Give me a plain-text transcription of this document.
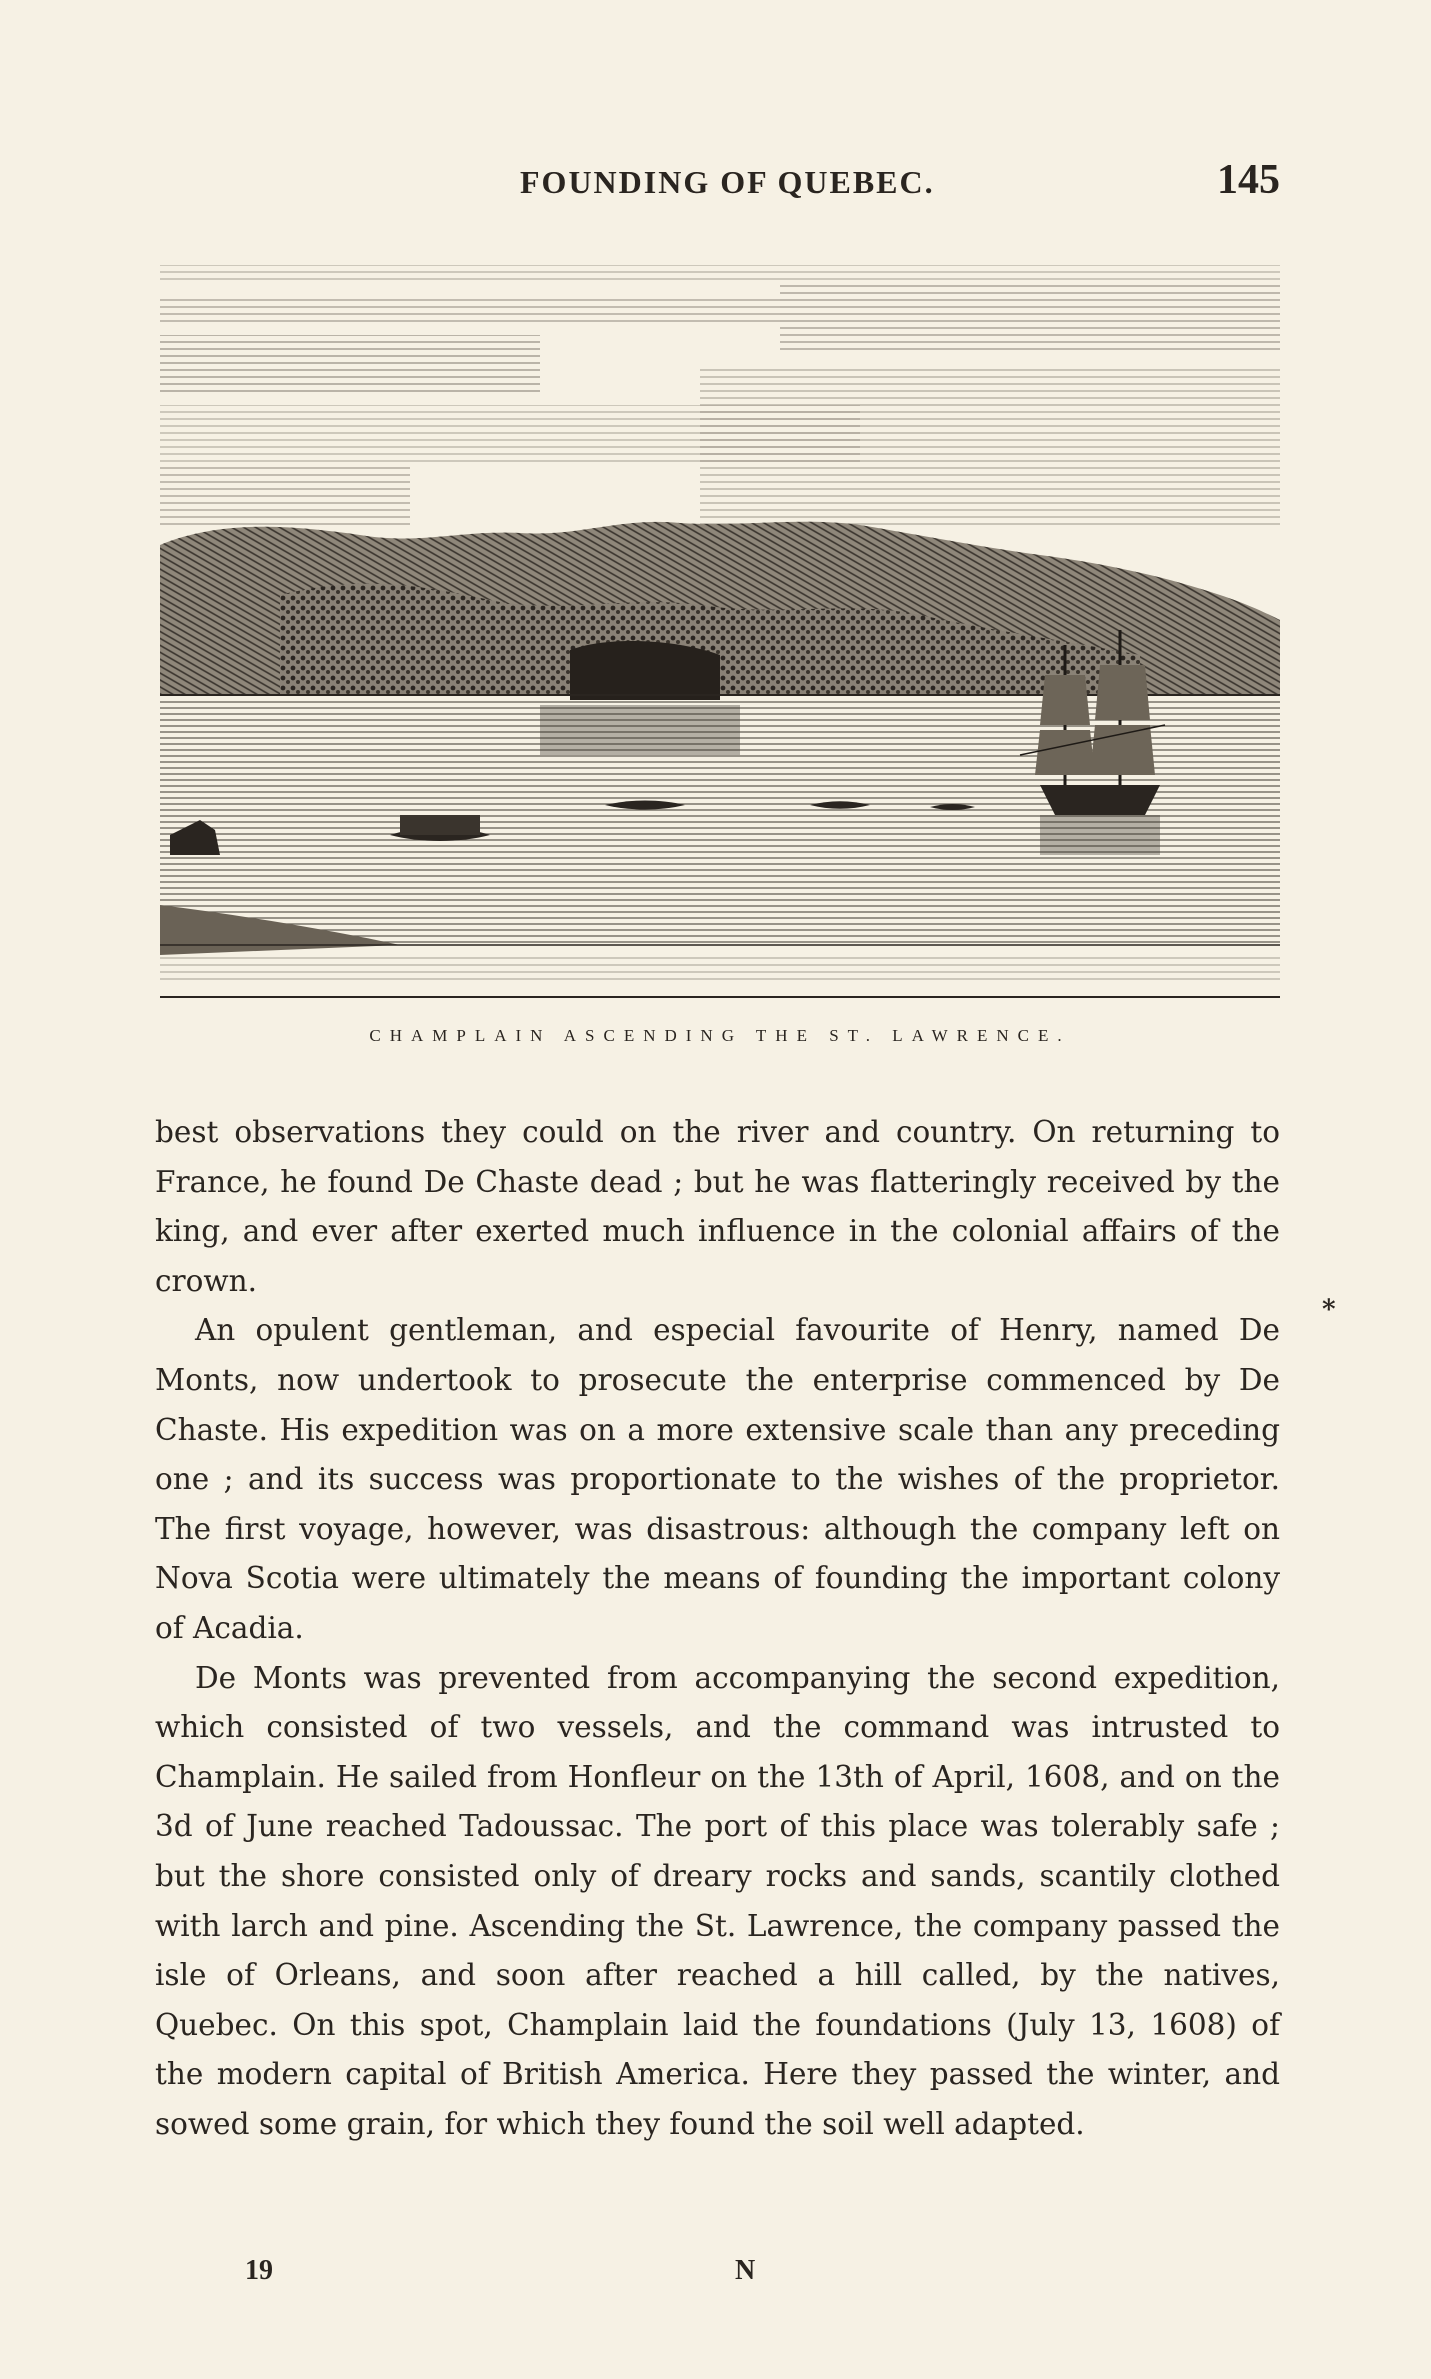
FOUNDING OF QUEBEC.	145
CHAMPLAIN ASCENDING THE ST. LAWRENCE.

best observations they could on the river and country. On returning to France, he found De Chaste dead ; but he was flatteringly received by the king, and ever after exerted much influence in the colonial affairs of the crown.

An opulent gentleman, and especial favourite of Henry, named De Monts, now undertook to prosecute the enterprise commenced by De Chaste. His expedition was on a more extensive scale than any preceding one ; and its success was proportionate to the wishes of the proprietor. The first voyage, however, was disastrous: although the company left on Nova Scotia were ultimately the means of founding the important colony of Acadia.

De Monts was prevented from accompanying the second expedition, which consisted of two vessels, and the command was intrusted to Champlain. He sailed from Honfleur on the 13th of April, 1608, and on the 3d of June reached Tadoussac. The port of this place was tolerably safe ; but the shore consisted only of dreary rocks and sands, scantily clothed with larch and pine. Ascending the St. Lawrence, the company passed the isle of Orleans, and soon after reached a hill called, by the natives, Quebec. On this spot, Champlain laid the foundations (July 13, 1608) of the modern capital of British America. Here they passed the winter, and sowed some grain, for which they found the soil well adapted.

*
19	N
